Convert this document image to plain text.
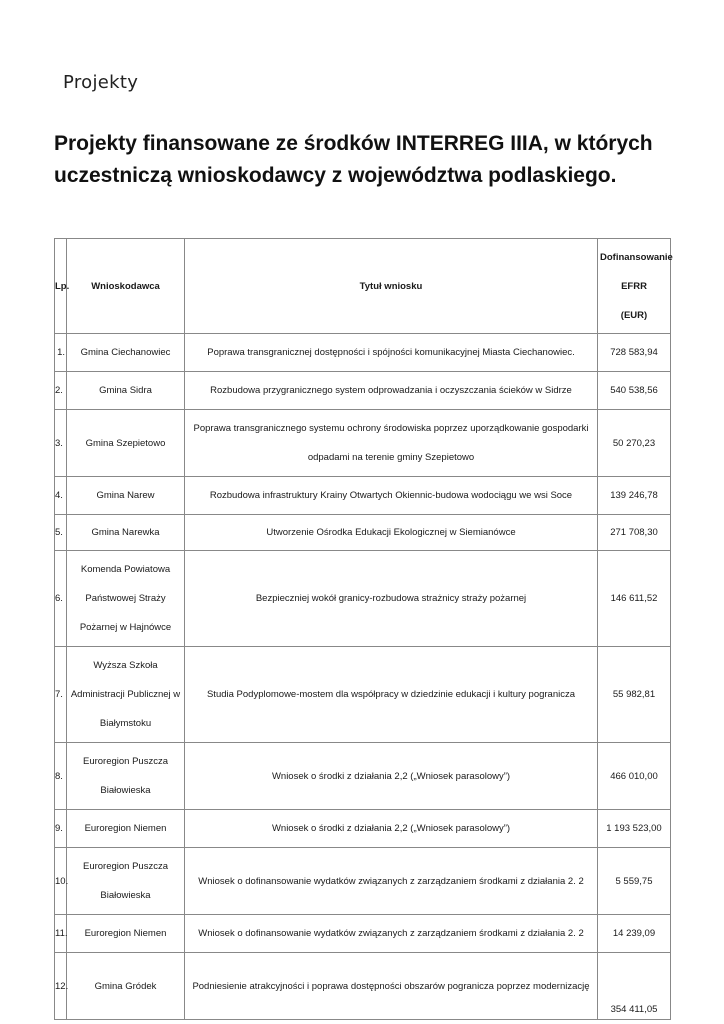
Projekty
Projekty finansowane ze środków INTERREG IIIA, w których uczestniczą wnioskodawcy z województwa podlaskiego.
Lp.	Wnioskodawca	Tytuł wniosku	Dofinansowanie
EFRR
(EUR)

1.	Gmina Ciechanowiec	Poprawa transgranicznej dostępności i spójności komunikacyjnej Miasta Ciechanowiec.	728 583,94
2.	Gmina Sidra	Rozbudowa przygranicznego system odprowadzania i oczyszczania ścieków w Sidrze	540 538,56
3.	Gmina Szepietowo	Poprawa transgranicznego systemu ochrony środowiska poprzez uporządkowanie gospodarki
odpadami na terenie gminy Szepietowo	50 270,23
4.	Gmina Narew	Rozbudowa infrastruktury Krainy Otwartych Okiennic-budowa wodociągu we wsi Soce	139 246,78
5.	Gmina Narewka	Utworzenie Ośrodka Edukacji Ekologicznej w Siemianówce	271 708,30
6.	Komenda Powiatowa
Państwowej Straży
Pożarnej w Hajnówce	Bezpieczniej wokół granicy-rozbudowa strażnicy straży pożarnej	146 611,52
7.	Wyższa Szkoła
Administracji Publicznej w
Białymstoku	Studia Podyplomowe-mostem dla współpracy w dziedzinie edukacji i kultury pogranicza	55 982,81
8.	Euroregion Puszcza
Białowieska	Wniosek o środki z działania 2,2 („Wniosek parasolowy”)	466 010,00
9.	Euroregion Niemen	Wniosek o środki z działania 2,2 („Wniosek parasolowy”)	1 193 523,00
10.	Euroregion Puszcza
Białowieska	Wniosek o dofinansowanie wydatków związanych z zarządzaniem środkami z działania 2. 2	5 559,75
11.	Euroregion Niemen	Wniosek o dofinansowanie wydatków związanych z zarządzaniem środkami z działania 2. 2	14 239,09
12.	Gmina Gródek	Podniesienie atrakcyjności i poprawa dostępności obszarów pogranicza poprzez modernizację	354 411,05
